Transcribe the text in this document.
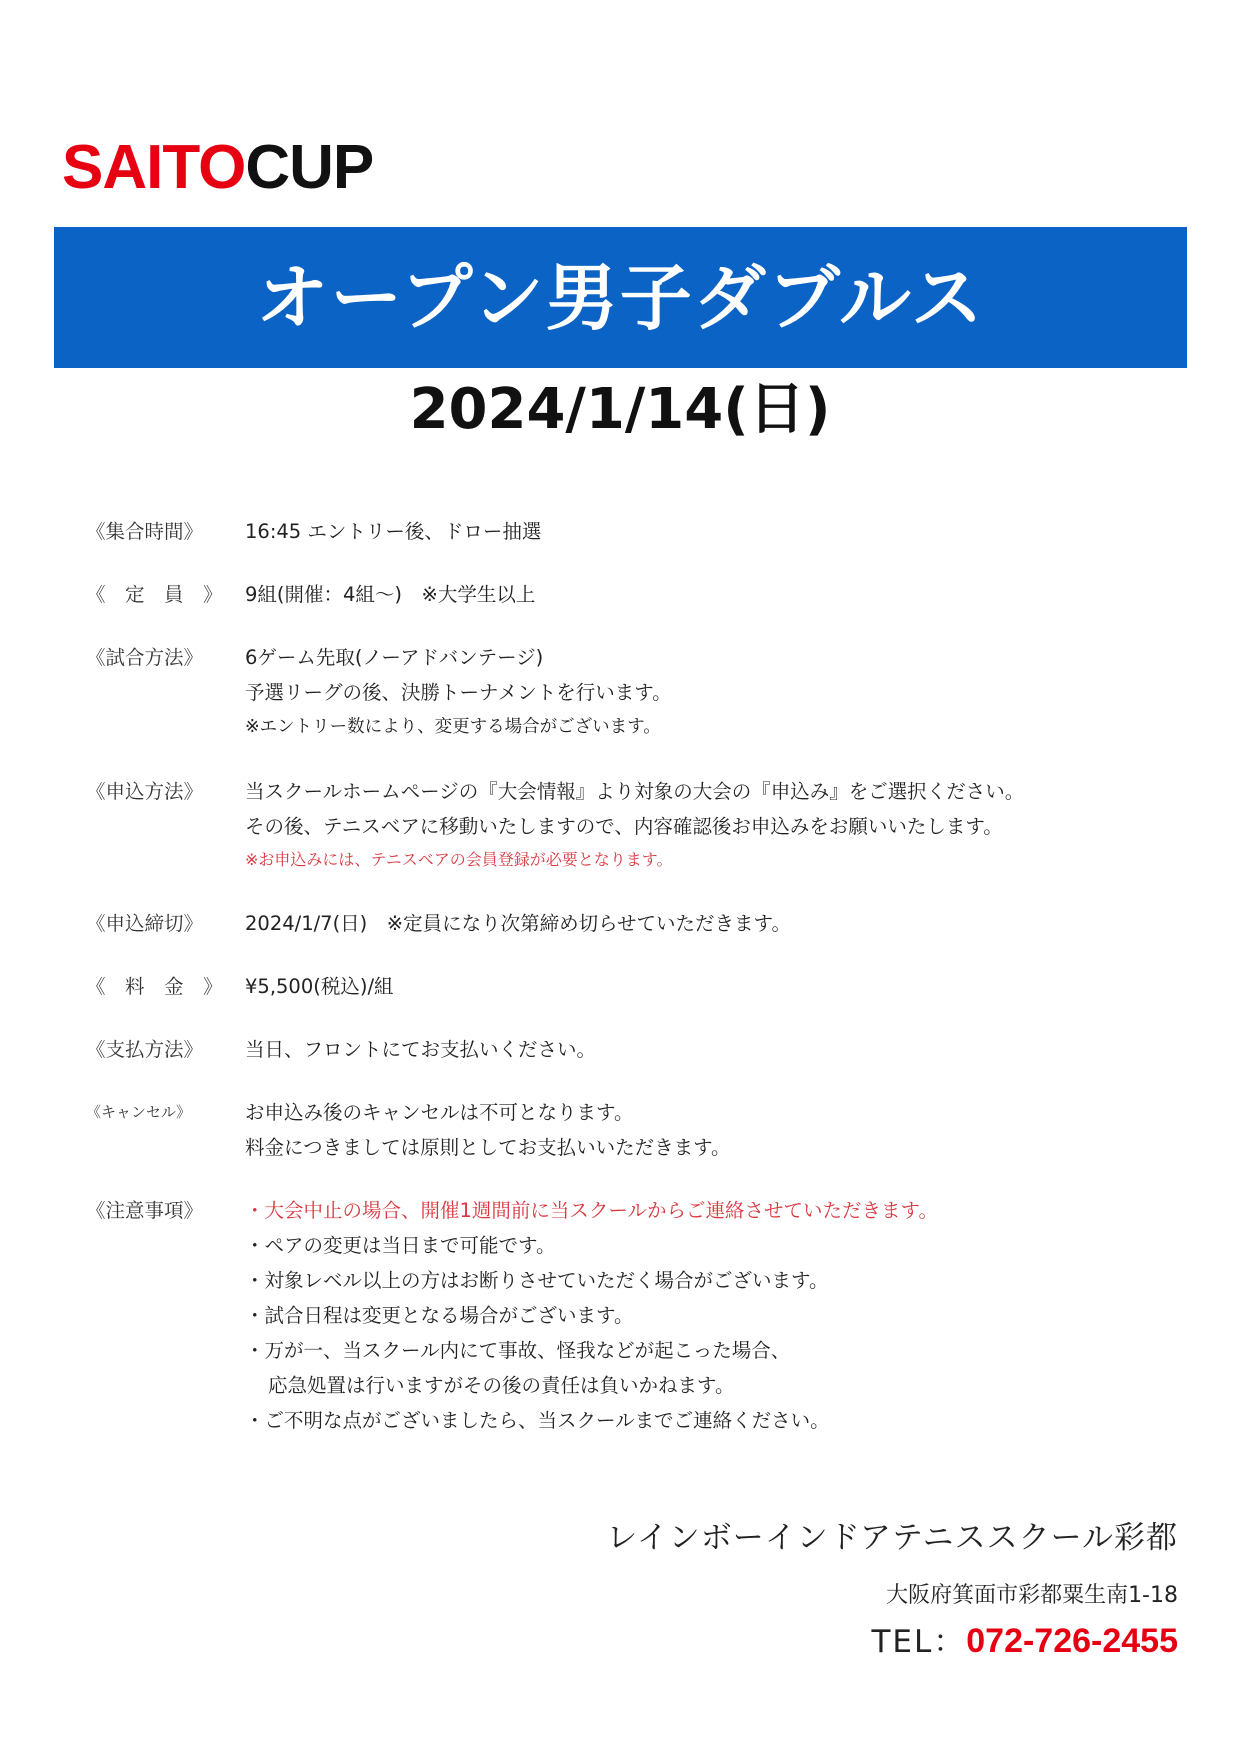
SAITOCUP
オープン男子ダブルス
2024/1/14(日)
《集合時間》	16:45 エントリー後、ドロー抽選
《　定　員　》 9組(開催：4組〜)　※大学生以上
《試合方法》	6ゲーム先取(ノーアドバンテージ)
予選リーグの後、決勝トーナメントを行います。
※エントリー数により、変更する場合がございます。
《申込方法》	当スクールホームページの『大会情報』より対象の大会の『申込み』をご選択ください。
その後、テニスベアに移動いたしますので、内容確認後お申込みをお願いいたします。
※お申込みには、テニスベアの会員登録が必要となります。
《申込締切》	2024/1/7(日)　※定員になり次第締め切らせていただきます。
《　料　金　》 ¥5,500(税込)/組
《支払方法》	当日、フロントにてお支払いください。
《キャンセル》	お申込み後のキャンセルは不可となります。
料金につきましては原則としてお支払いいただきます。
《注意事項》	・大会中止の場合、開催1週間前に当スクールからご連絡させていただきます。
・ペアの変更は当日まで可能です。
・対象レベル以上の方はお断りさせていただく場合がございます。
・試合日程は変更となる場合がございます。
・万が一、当スクール内にて事故、怪我などが起こった場合、
応急処置は行いますがその後の責任は負いかねます。
・ご不明な点がございましたら、当スクールまでご連絡ください。
レインボーインドアテニススクール彩都
大阪府箕面市彩都粟生南1-18
TEL：072-726-2455
